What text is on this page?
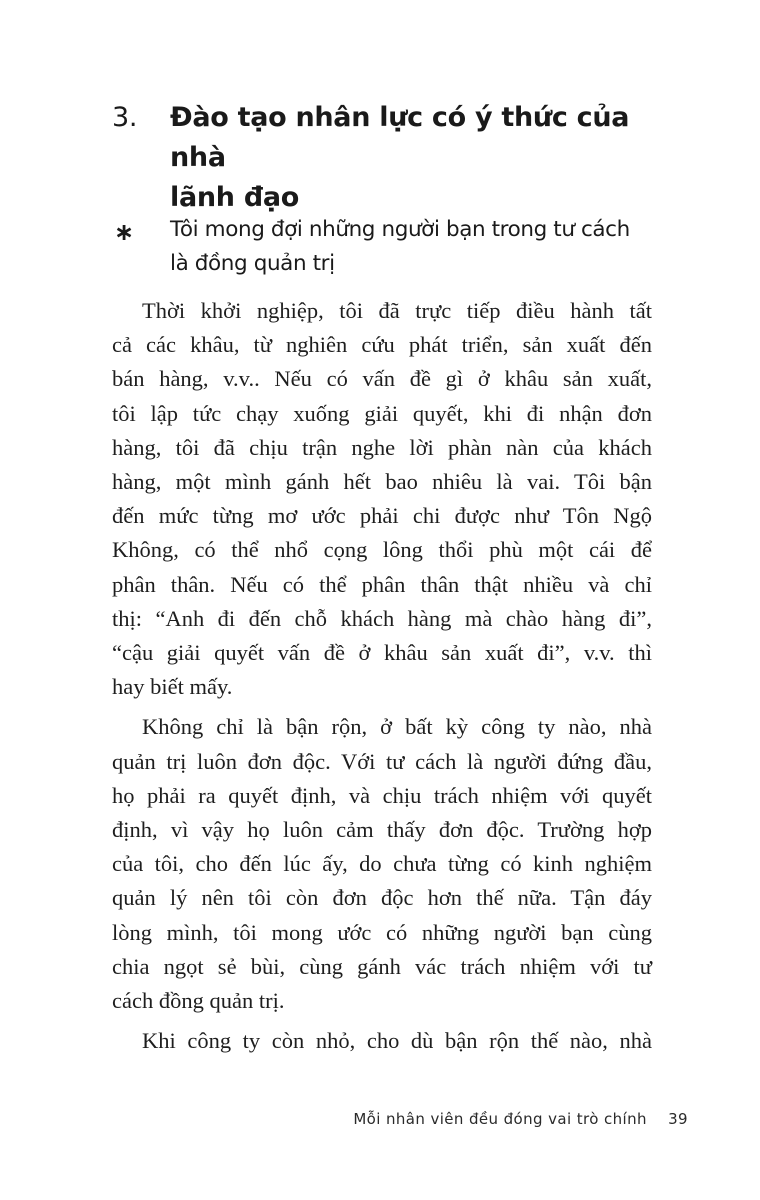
3. Đào tạo nhân lực có ý thức của nhà
lãnh đạo
∗ Tôi mong đợi những người bạn trong tư cách
là đồng quản trị

Thời khởi nghiệp, tôi đã trực tiếp điều hành tất
cả các khâu, từ nghiên cứu phát triển, sản xuất đến
bán hàng, v.v.. Nếu có vấn đề gì ở khâu sản xuất,
tôi lập tức chạy xuống giải quyết, khi đi nhận đơn
hàng, tôi đã chịu trận nghe lời phàn nàn của khách
hàng, một mình gánh hết bao nhiêu là vai. Tôi bận
đến mức từng mơ ước phải chi được như Tôn Ngộ
Không, có thể nhổ cọng lông thổi phù một cái để
phân thân. Nếu có thể phân thân thật nhiều và chỉ
thị: “Anh đi đến chỗ khách hàng mà chào hàng đi”,
“cậu giải quyết vấn đề ở khâu sản xuất đi”, v.v. thì
hay biết mấy.

Không chỉ là bận rộn, ở bất kỳ công ty nào, nhà
quản trị luôn đơn độc. Với tư cách là người đứng đầu,
họ phải ra quyết định, và chịu trách nhiệm với quyết
định, vì vậy họ luôn cảm thấy đơn độc. Trường hợp
của tôi, cho đến lúc ấy, do chưa từng có kinh nghiệm
quản lý nên tôi còn đơn độc hơn thế nữa. Tận đáy
lòng mình, tôi mong ước có những người bạn cùng
chia ngọt sẻ bùi, cùng gánh vác trách nhiệm với tư
cách đồng quản trị.

Khi công ty còn nhỏ, cho dù bận rộn thế nào, nhà

Mỗi nhân viên đều đóng vai trò chính 39
